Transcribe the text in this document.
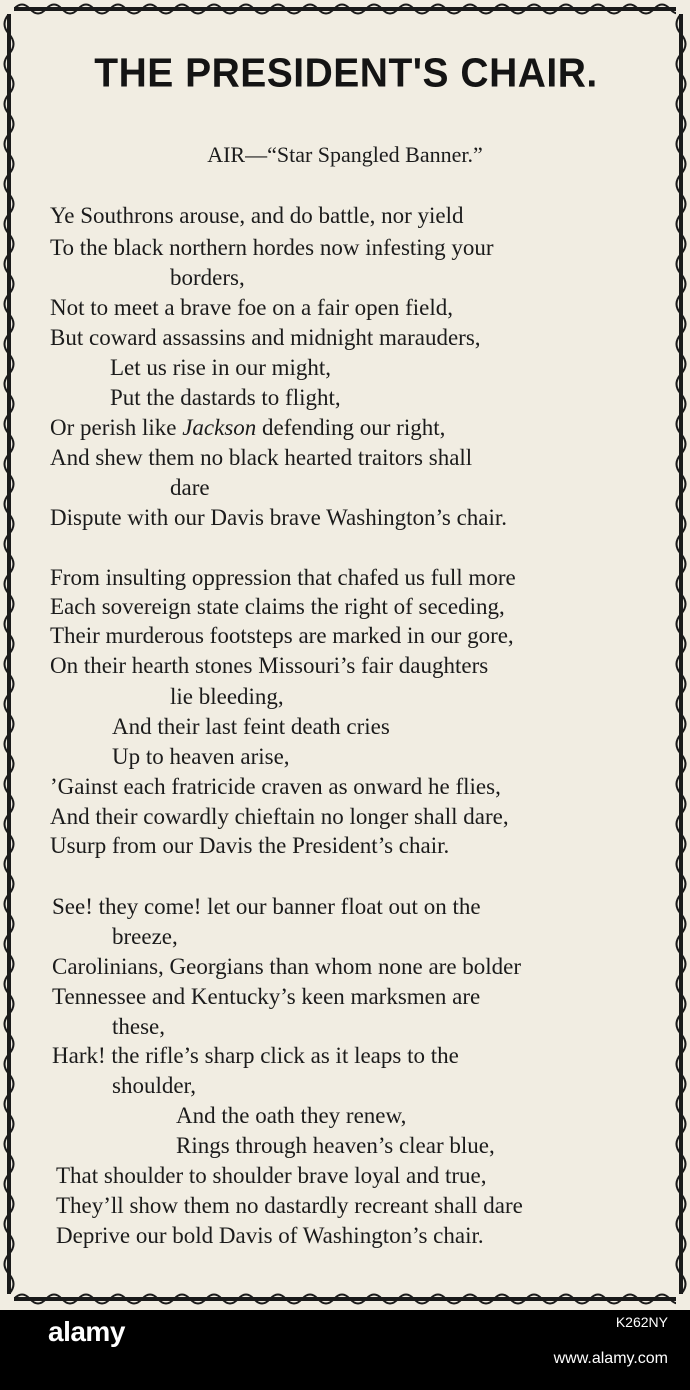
THE PRESIDENT'S CHAIR.
AIR—“Star Spangled Banner.”
Ye Southrons arouse, and do battle, nor yield
To the black northern hordes now infesting your
borders,
Not to meet a brave foe on a fair open field,
But coward assassins and midnight marauders,
Let us rise in our might,
Put the dastards to flight,
Or perish like Jackson defending our right,
And shew them no black hearted traitors shall
dare
Dispute with our Davis brave Washington’s chair.
From insulting oppression that chafed us full more
Each sovereign state claims the right of seceding,
Their murderous footsteps are marked in our gore,
On their hearth stones Missouri’s fair daughters
lie bleeding,
And their last feint death cries
Up to heaven arise,
’Gainst each fratricide craven as onward he flies,
And their cowardly chieftain no longer shall dare,
Usurp from our Davis the President’s chair.
See! they come! let our banner float out on the
breeze,
Carolinians, Georgians than whom none are bolder
Tennessee and Kentucky’s keen marksmen are
these,
Hark! the rifle’s sharp click as it leaps to the
shoulder,
And the oath they renew,
Rings through heaven’s clear blue,
That shoulder to shoulder brave loyal and true,
They’ll show them no dastardly recreant shall dare
Deprive our bold Davis of Washington’s chair.
alamy	K262NY
www.alamy.com
